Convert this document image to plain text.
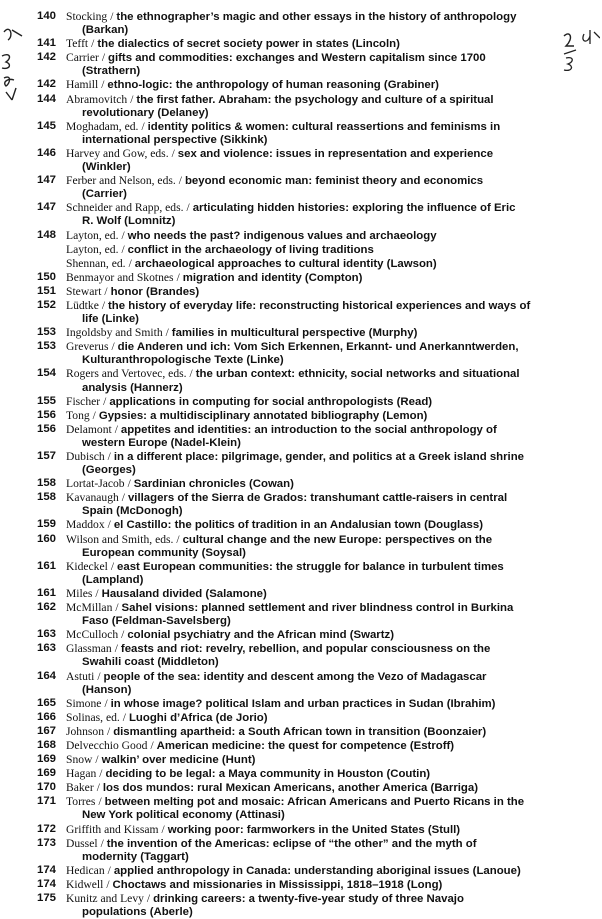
140 Stocking / the ethnographer’s magic and other essays in the history of anthropology
(Barkan)
141 Tefft / the dialectics of secret society power in states (Lincoln)
142 Carrier / gifts and commodities: exchanges and Western capitalism since 1700
(Strathern)
142 Hamill / ethno-logic: the anthropology of human reasoning (Grabiner)
144 Abramovitch / the first father. Abraham: the psychology and culture of a spiritual
revolutionary (Delaney)
145 Moghadam, ed. / identity politics & women: cultural reassertions and feminisms in
international perspective (Sikkink)
146 Harvey and Gow, eds. / sex and violence: issues in representation and experience
(Winkler)
147 Ferber and Nelson, eds. / beyond economic man: feminist theory and economics
(Carrier)
147 Schneider and Rapp, eds. / articulating hidden histories: exploring the influence of Eric
R. Wolf (Lomnitz)
148 Layton, ed. / who needs the past? indigenous values and archaeology
Layton, ed. / conflict in the archaeology of living traditions
Shennan, ed. / archaeological approaches to cultural identity (Lawson)
150 Benmayor and Skotnes / migration and identity (Compton)
151 Stewart / honor (Brandes)
152 Lüdtke / the history of everyday life: reconstructing historical experiences and ways of
life (Linke)
153 Ingoldsby and Smith / families in multicultural perspective (Murphy)
153 Greverus / die Anderen und ich: Vom Sich Erkennen, Erkannt- und Anerkanntwerden,
Kulturanthropologische Texte (Linke)
154 Rogers and Vertovec, eds. / the urban context: ethnicity, social networks and situational
analysis (Hannerz)
155 Fischer / applications in computing for social anthropologists (Read)
156 Tong / Gypsies: a multidisciplinary annotated bibliography (Lemon)
156 Delamont / appetites and identities: an introduction to the social anthropology of
western Europe (Nadel-Klein)
157 Dubisch / in a different place: pilgrimage, gender, and politics at a Greek island shrine
(Georges)
158 Lortat-Jacob / Sardinian chronicles (Cowan)
158 Kavanaugh / villagers of the Sierra de Grados: transhumant cattle-raisers in central
Spain (McDonogh)
159 Maddox / el Castillo: the politics of tradition in an Andalusian town (Douglass)
160 Wilson and Smith, eds. / cultural change and the new Europe: perspectives on the
European community (Soysal)
161 Kideckel / east European communities: the struggle for balance in turbulent times
(Lampland)
161 Miles / Hausaland divided (Salamone)
162 McMillan / Sahel visions: planned settlement and river blindness control in Burkina
Faso (Feldman-Savelsberg)
163 McCulloch / colonial psychiatry and the African mind (Swartz)
163 Glassman / feasts and riot: revelry, rebellion, and popular consciousness on the
Swahili coast (Middleton)
164 Astuti / people of the sea: identity and descent among the Vezo of Madagascar
(Hanson)
165 Simone / in whose image? political Islam and urban practices in Sudan (Ibrahim)
166 Solinas, ed. / Luoghi d’Africa (de Jorio)
167 Johnson / dismantling apartheid: a South African town in transition (Boonzaier)
168 Delvecchio Good / American medicine: the quest for competence (Estroff)
169 Snow / walkin’ over medicine (Hunt)
169 Hagan / deciding to be legal: a Maya community in Houston (Coutin)
170 Baker / los dos mundos: rural Mexican Americans, another America (Barriga)
171 Torres / between melting pot and mosaic: African Americans and Puerto Ricans in the
New York political economy (Attinasi)
172 Griffith and Kissam / working poor: farmworkers in the United States (Stull)
173 Dussel / the invention of the Americas: eclipse of “the other” and the myth of
modernity (Taggart)
174 Hedican / applied anthropology in Canada: understanding aboriginal issues (Lanoue)
174 Kidwell / Choctaws and missionaries in Mississippi, 1818–1918 (Long)
175 Kunitz and Levy / drinking careers: a twenty-five-year study of three Navajo
populations (Aberle)
